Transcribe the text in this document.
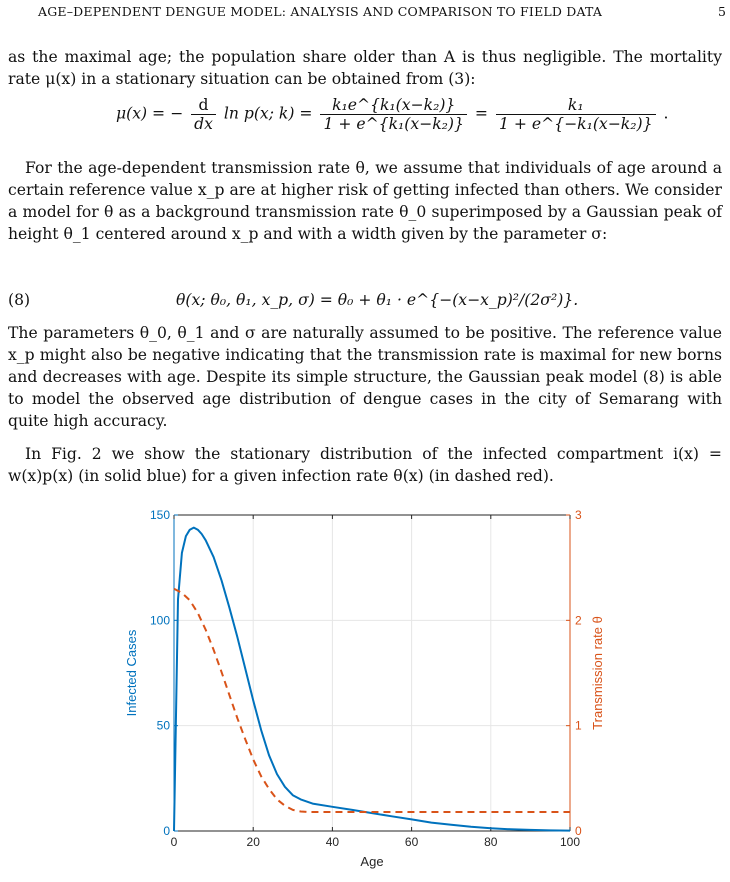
AGE–DEPENDENT DENGUE MODEL: ANALYSIS AND COMPARISON TO FIELD DATA	5
as the maximal age; the population share older than A is thus negligible. The mortality rate μ(x) in a stationary situation can be obtained from (3):
μ(x) = − $\frac{d}{dx}$ ln p(x; $k) = \frac{\text{k₁e\textasciicircum{}\{k₁(x−k₂)\}}}{\text{1 + e\textasciicircum{}\{k₁(x−k₂)\}}} = \frac{\text{k₁}}{\text{1 + e\textasciicircum{}\{−k₁(x−k₂)\}}}$ .
For the age-dependent transmission rate θ, we assume that individuals of age around a certain reference value x_p are at higher risk of getting infected than others. We consider a model for θ as a background transmission rate θ_0 superimposed by a Gaussian peak of height θ_1 centered around x_p and with a width given by the parameter σ:
(8)	θ(x; θ₀, θ₁, x_p, σ) = θ₀ + θ₁ · e^{−(x−x_p)²/(2σ²)}.
The parameters θ_0, θ_1 and σ are naturally assumed to be positive. The reference value x_p might also be negative indicating that the transmission rate is maximal for new borns and decreases with age. Despite its simple structure, the Gaussian peak model (8) is able to model the observed age distribution of dengue cases in the city of Semarang with quite high accuracy.
In Fig. 2 we show the stationary distribution of the infected compartment i(x) = w(x)p(x) (in solid blue) for a given infection rate θ(x) (in dashed red).
0	20	40	60	80	100
0
50
100
150
0
1
2
3
Age
Infected Cases	Transmission rate θ
